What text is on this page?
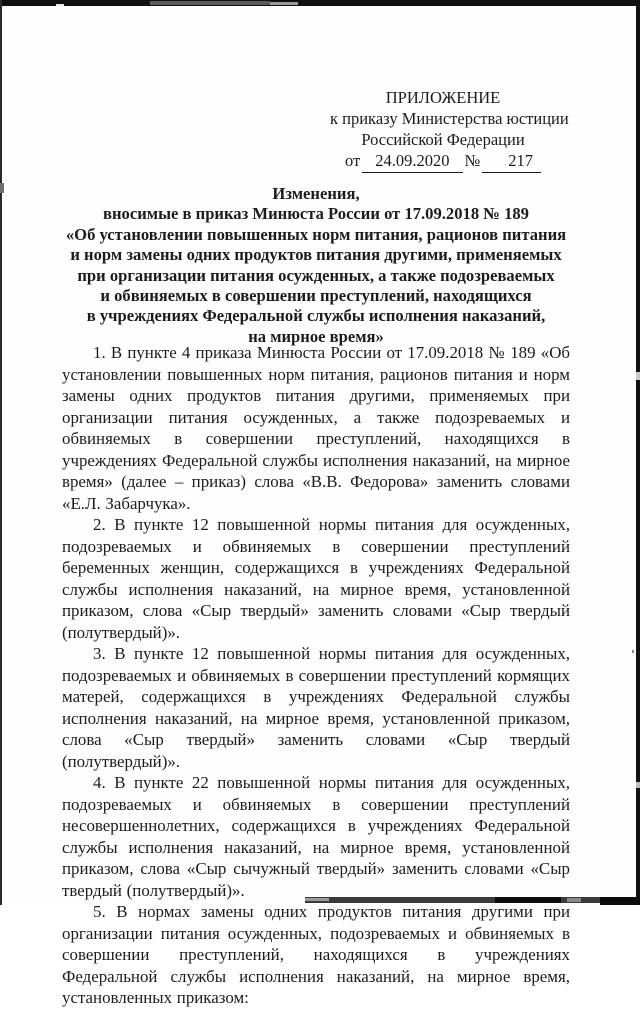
ПРИЛОЖЕНИЕ
к приказу Министерства юстиции
Российской Федерации
от 24.09.2020 № 217
Изменения,
вносимые в приказ Минюста России от 17.09.2018 № 189
«Об установлении повышенных норм питания, рационов питания
и норм замены одних продуктов питания другими, применяемых
при организации питания осужденных, а также подозреваемых
и обвиняемых в совершении преступлений, находящихся
в учреждениях Федеральной службы исполнения наказаний,
на мирное время»

1. В пункте 4 приказа Минюста России от 17.09.2018 № 189 «Об установлении повышенных норм питания, рационов питания и норм замены одних продуктов питания другими, применяемых при организации питания осужденных, а также подозреваемых и обвиняемых в совершении преступлений, находящихся в учреждениях Федеральной службы исполнения наказаний, на мирное время» (далее – приказ) слова «В.В. Федорова» заменить словами «Е.Л. Забарчука».

2. В пункте 12 повышенной нормы питания для осужденных, подозреваемых и обвиняемых в совершении преступлений беременных женщин, содержащихся в учреждениях Федеральной службы исполнения наказаний, на мирное время, установленной приказом, слова «Сыр твердый» заменить словами «Сыр твердый (полутвердый)».

3. В пункте 12 повышенной нормы питания для осужденных, подозреваемых и обвиняемых в совершении преступлений кормящих матерей, содержащихся в учреждениях Федеральной службы исполнения наказаний, на мирное время, установленной приказом, слова «Сыр твердый» заменить словами «Сыр твердый (полутвердый)».

4. В пункте 22 повышенной нормы питания для осужденных, подозреваемых и обвиняемых в совершении преступлений несовершеннолетних, содержащихся в учреждениях Федеральной службы исполнения наказаний, на мирное время, установленной приказом, слова «Сыр сычужный твердый» заменить словами «Сыр твердый (полутвердый)».

5. В нормах замены одних продуктов питания другими при организации питания осужденных, подозреваемых и обвиняемых в совершении преступлений, находящихся в учреждениях Федеральной службы исполнения наказаний, на мирное время, установленных приказом:
